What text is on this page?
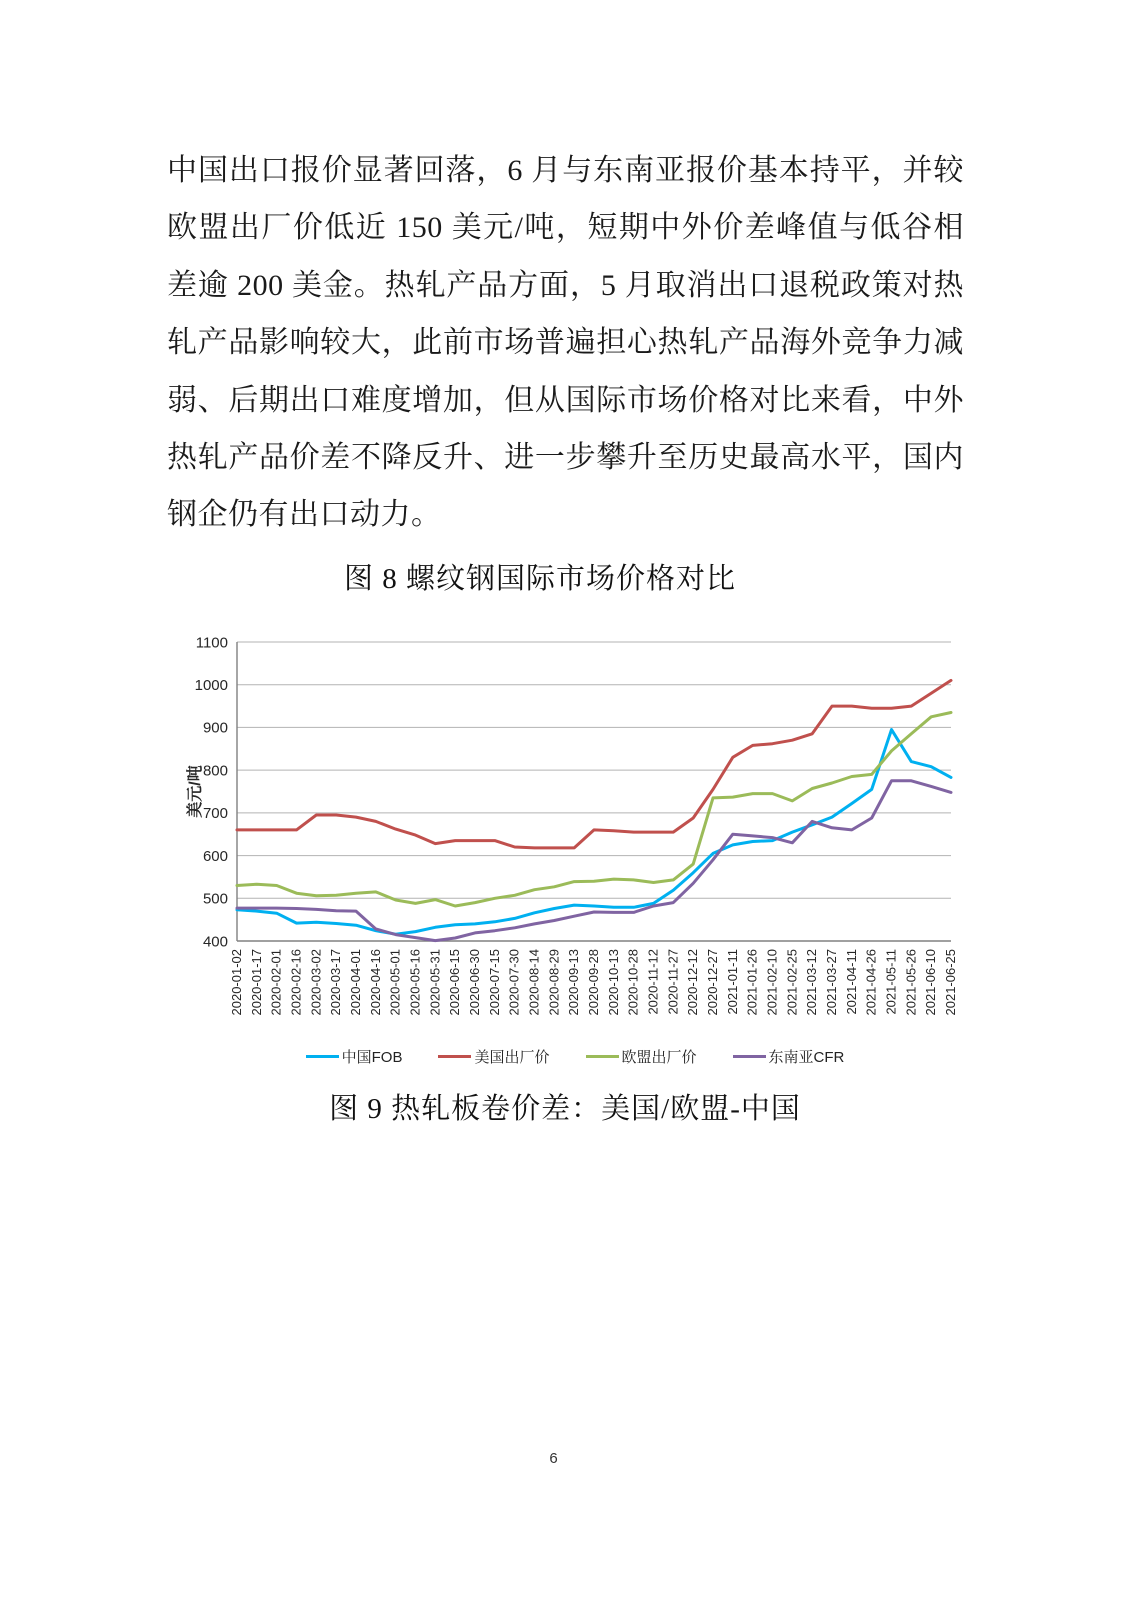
中国出口报价显著回落，6 月与东南亚报价基本持平，并较
欧盟出厂价低近 150 美元/吨，短期中外价差峰值与低谷相
差逾 200 美金。热轧产品方面，5 月取消出口退税政策对热
轧产品影响较大，此前市场普遍担心热轧产品海外竞争力减
弱、后期出口难度增加，但从国际市场价格对比来看，中外
热轧产品价差不降反升、进一步攀升至历史最高水平，国内
钢企仍有出口动力。
图 8 螺纹钢国际市场价格对比
400
500
600
700
800
900
1000
1100
美元/吨
2020-01-02 2020-01-17 2020-02-01 2020-02-16 2020-03-02 2020-03-17 2020-04-01 2020-04-16 2020-05-01 2020-05-16 2020-05-31 2020-06-15 2020-06-30 2020-07-15 2020-07-30 2020-08-14 2020-08-29 2020-09-13 2020-09-28 2020-10-13 2020-10-28 2020-11-12 2020-11-27 2020-12-12 2020-12-27 2021-01-11 2021-01-26 2021-02-10 2021-02-25 2021-03-12 2021-03-27 2021-04-11 2021-04-26 2021-05-11 2021-05-26 2021-06-10 2021-06-25
中国FOB	美国出厂价	欧盟出厂价	东南亚CFR
图 9 热轧板卷价差：美国/欧盟-中国
6
